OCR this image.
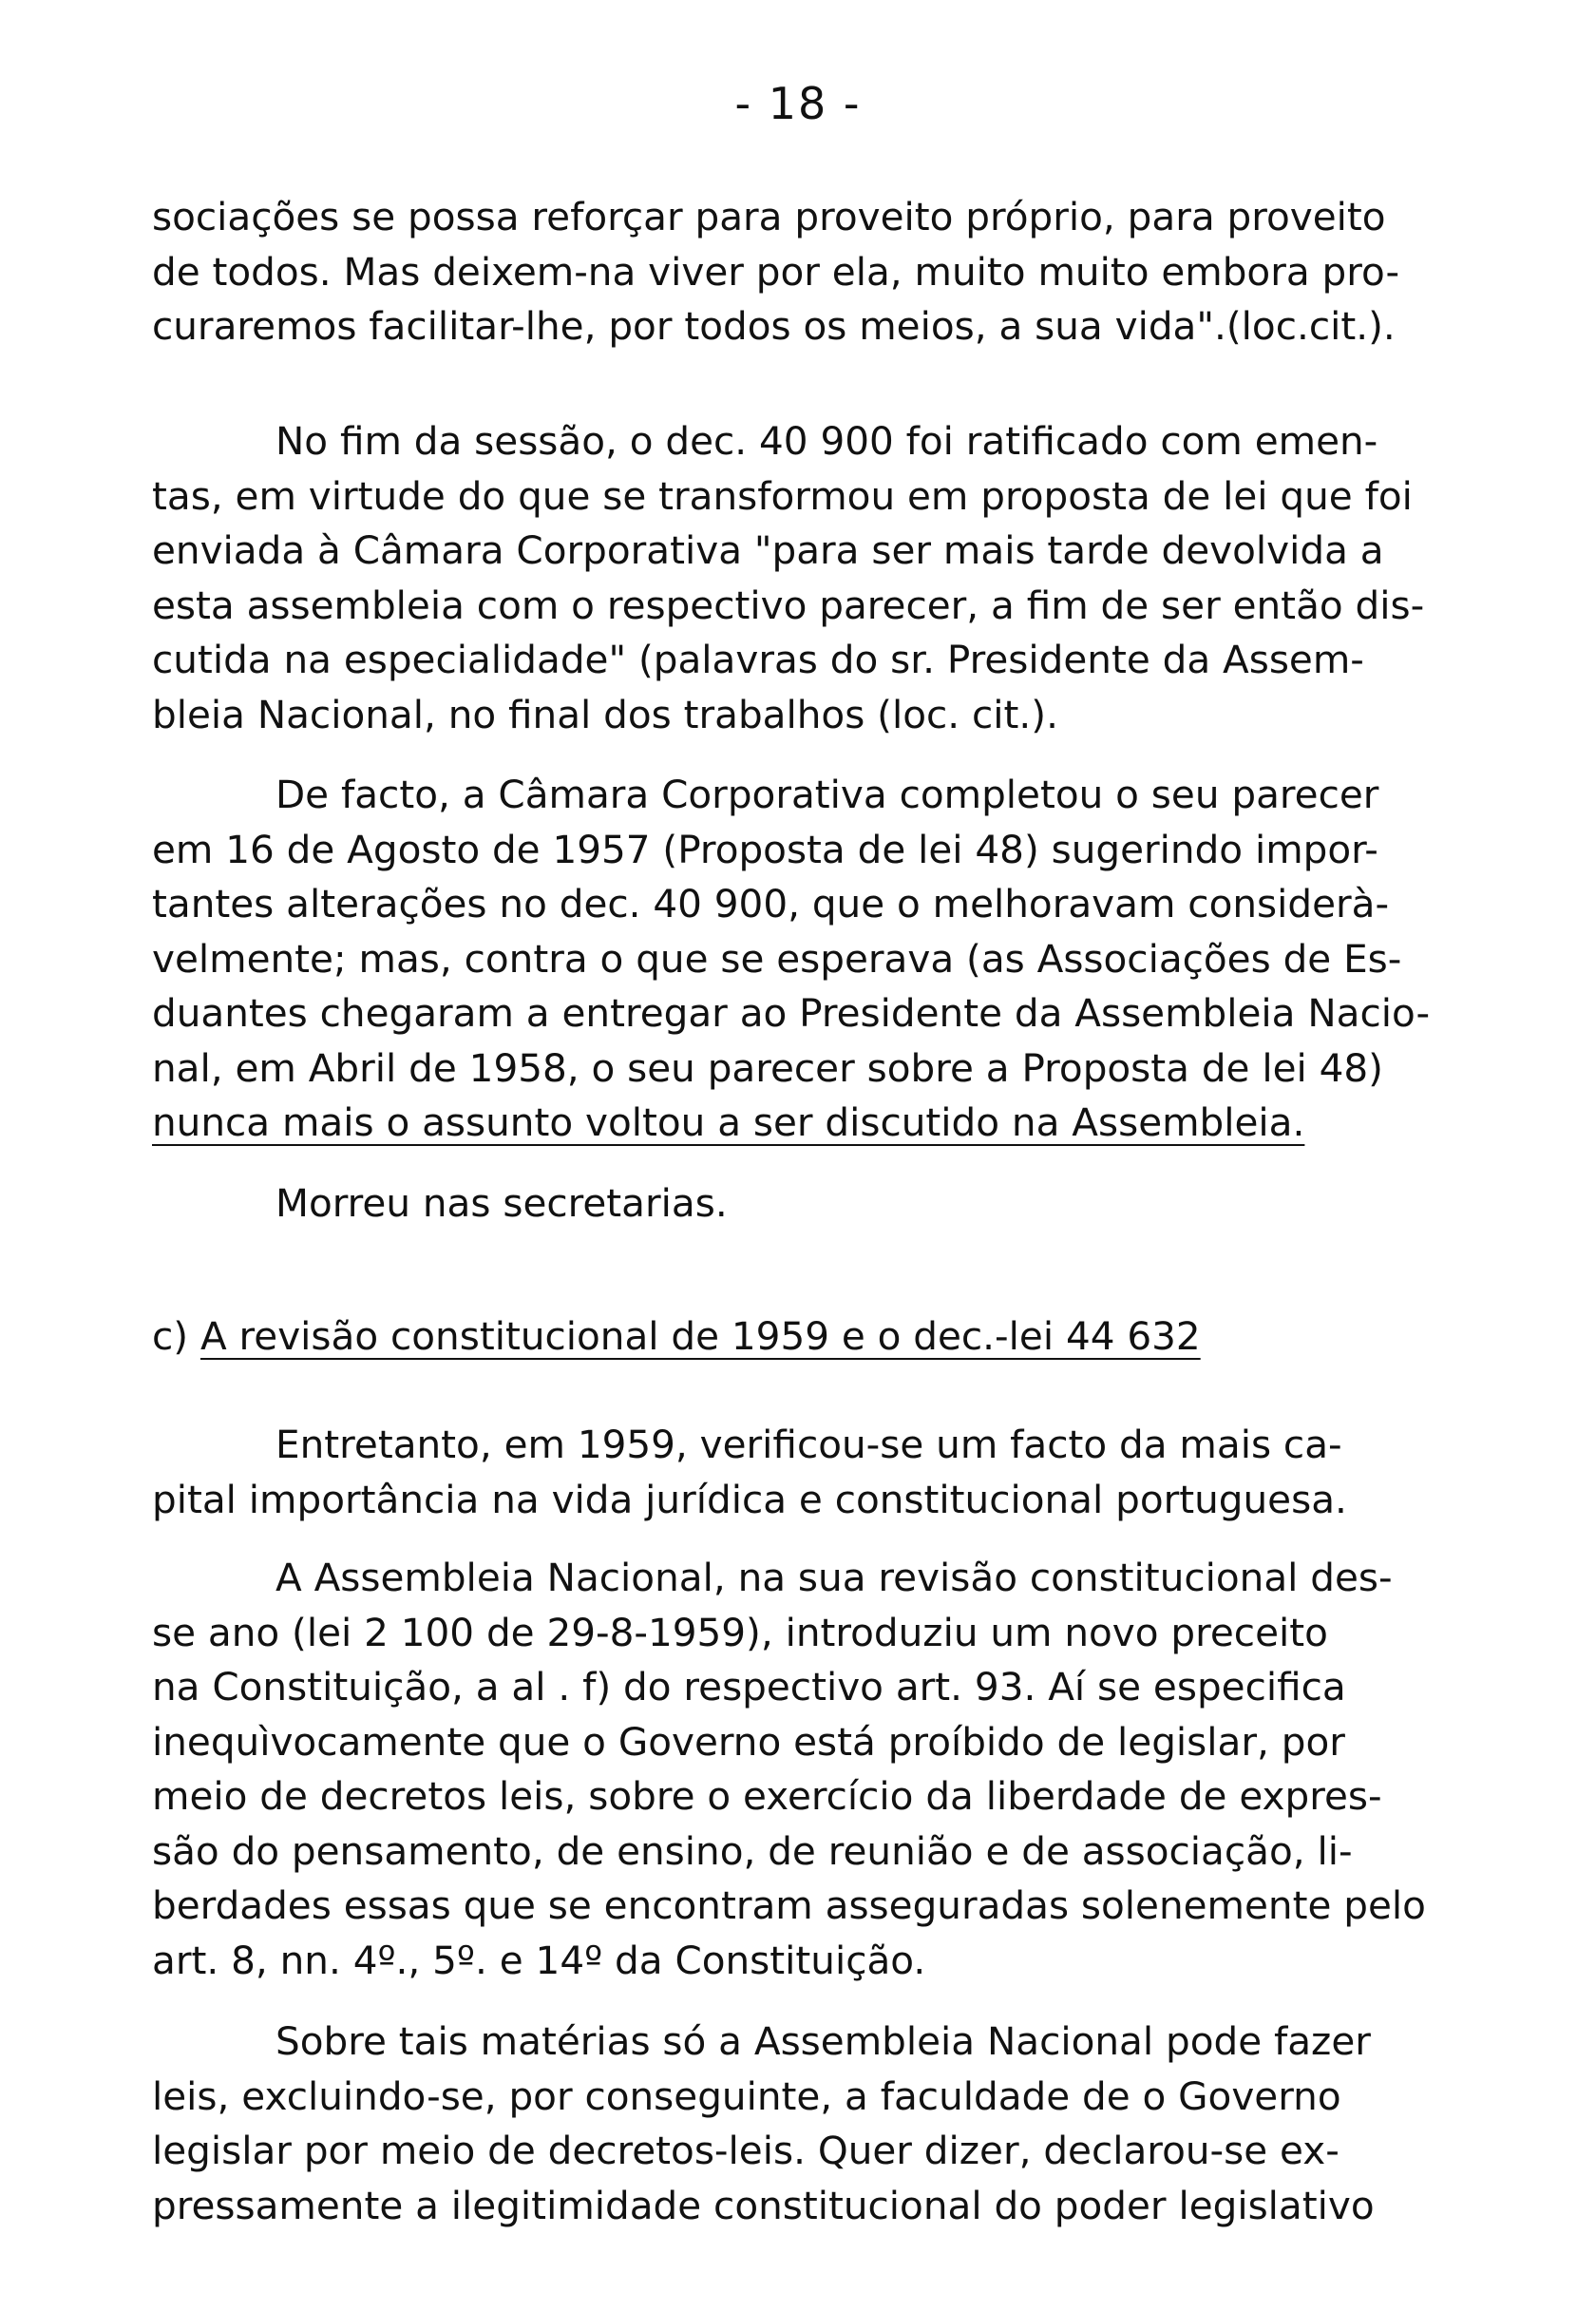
- 18 -

sociações se possa reforçar para proveito próprio, para proveito
de todos. Mas deixem-na viver por ela, muito muito embora pro-
curaremos facilitar-lhe, por todos os meios, a sua vida".(loc.cit.).

No fim da sessão, o dec. 40 900 foi ratificado com emen-
tas, em virtude do que se transformou em proposta de lei que foi
enviada à Câmara Corporativa "para ser mais tarde devolvida a
esta assembleia com o respectivo parecer, a fim de ser então dis-
cutida na especialidade" (palavras do sr. Presidente da Assem-
bleia Nacional, no final dos trabalhos (loc. cit.).

De facto, a Câmara Corporativa completou o seu parecer
em 16 de Agosto de 1957 (Proposta de lei 48) sugerindo impor-
tantes alterações no dec. 40 900, que o melhoravam considerà-
velmente; mas, contra o que se esperava (as Associações de Es-
duantes chegaram a entregar ao Presidente da Assembleia Nacio-
nal, em Abril de 1958, o seu parecer sobre a Proposta de lei 48)
nunca mais o assunto voltou a ser discutido na Assembleia.

Morreu nas secretarias.

c) A revisão constitucional de 1959 e o dec.-lei 44 632

Entretanto, em 1959, verificou-se um facto da mais ca-
pital importância na vida jurídica e constitucional portuguesa.

A Assembleia Nacional, na sua revisão constitucional des-
se ano (lei 2 100 de 29-8-1959), introduziu um novo preceito
na Constituição, a al . f) do respectivo art. 93. Aí se especifica
inequìvocamente que o Governo está proíbido de legislar, por
meio de decretos leis, sobre o exercício da liberdade de expres-
são do pensamento, de ensino, de reunião e de associação, li-
berdades essas que se encontram asseguradas solenemente pelo
art. 8, nn. 4º., 5º. e 14º da Constituição.

Sobre tais matérias só a Assembleia Nacional pode fazer
leis, excluindo-se, por conseguinte, a faculdade de o Governo
legislar por meio de decretos-leis. Quer dizer, declarou-se ex-
pressamente a ilegitimidade constitucional do poder legislativo
